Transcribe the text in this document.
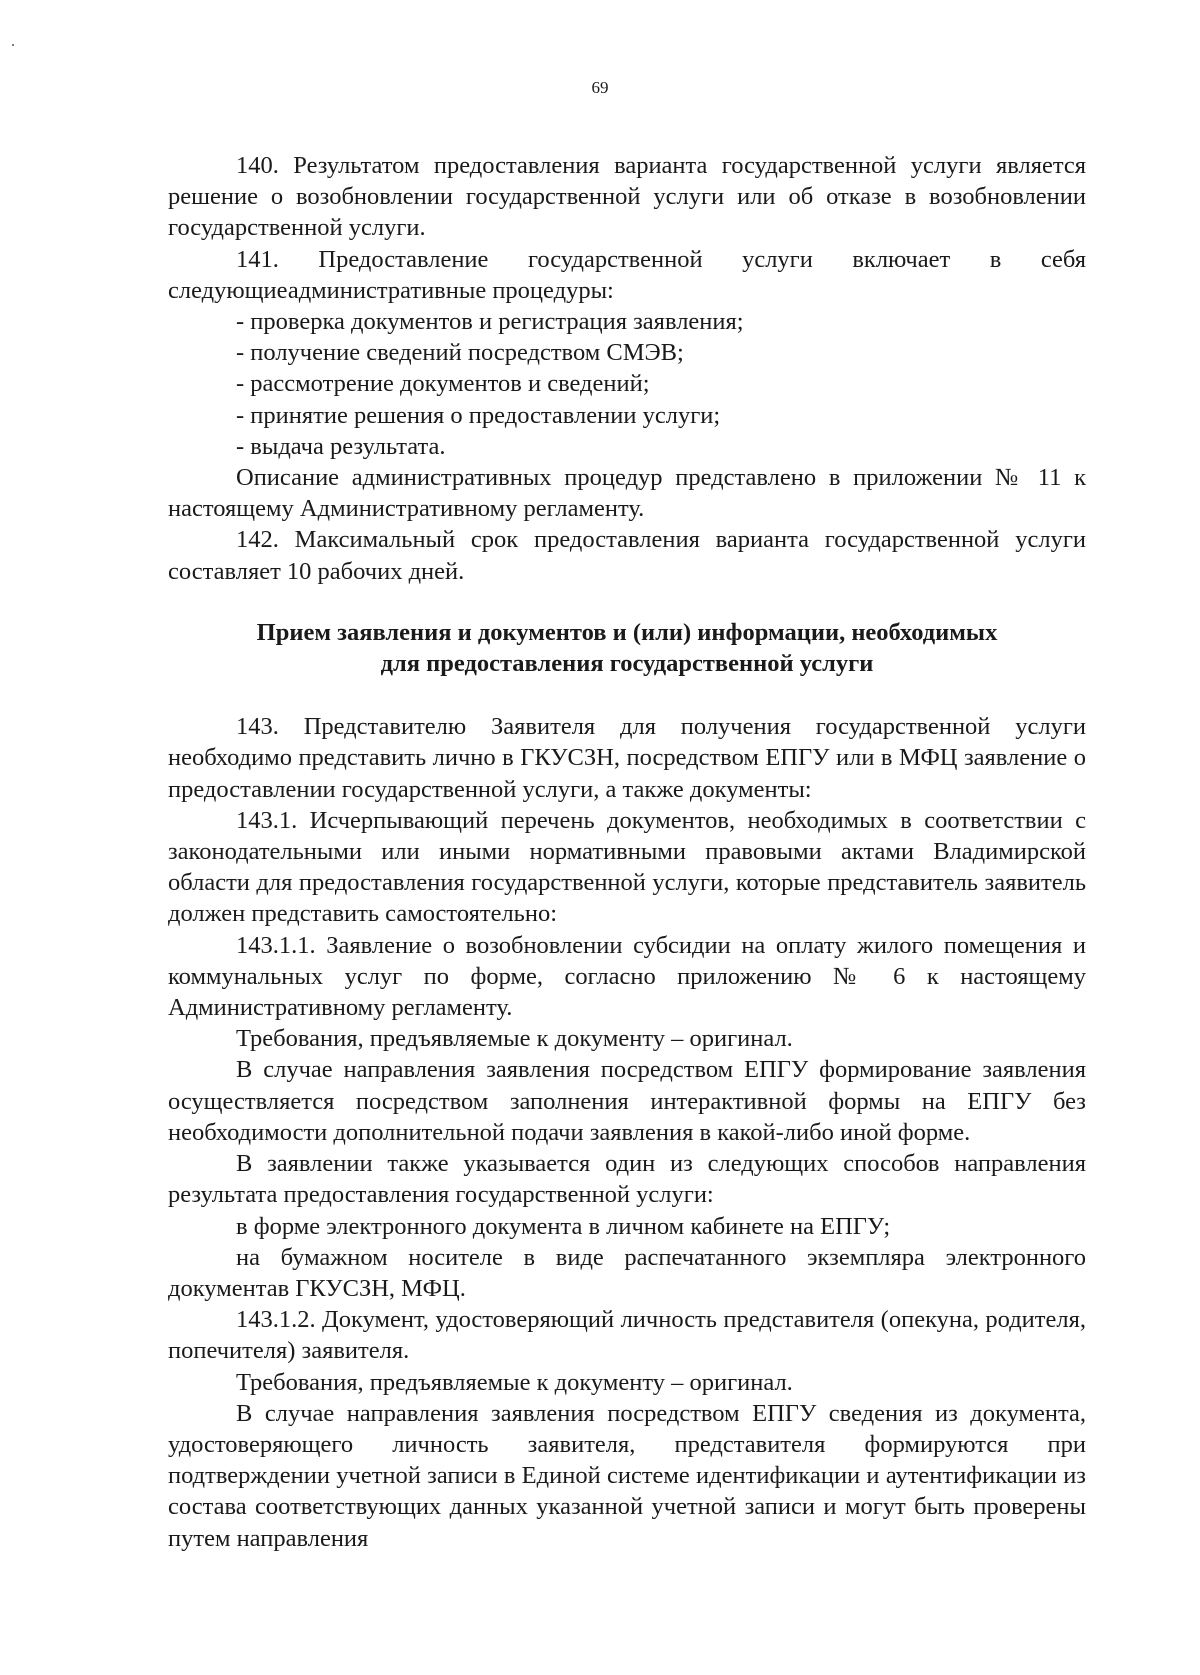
69

140. Результатом предоставления варианта государственной услуги является решение о возобновлении государственной услуги или об отказе в возобновлении государственной услуги.

141. Предоставление государственной услуги включает в себя следующиеадминистративные процедуры:

- проверка документов и регистрация заявления;

- получение сведений посредством СМЭВ;

- рассмотрение документов и сведений;

- принятие решения о предоставлении услуги;

- выдача результата.

Описание административных процедур представлено в приложении № 11 к настоящему Административному регламенту.

142. Максимальный срок предоставления варианта государственной услуги составляет 10 рабочих дней.

Прием заявления и документов и (или) информации, необходимых
для предоставления государственной услуги

143. Представителю Заявителя для получения государственной услуги необходимо представить лично в ГКУСЗН, посредством ЕПГУ или в МФЦ заявление о предоставлении государственной услуги, а также документы:

143.1. Исчерпывающий перечень документов, необходимых в соответствии с законодательными или иными нормативными правовыми актами Владимирской области для предоставления государственной услуги, которые представитель заявитель должен представить самостоятельно:

143.1.1. Заявление о возобновлении субсидии на оплату жилого помещения и коммунальных услуг по форме, согласно приложению № 6 к настоящему Административному регламенту.

Требования, предъявляемые к документу – оригинал.

В случае направления заявления посредством ЕПГУ формирование заявления осуществляется посредством заполнения интерактивной формы на ЕПГУ без необходимости дополнительной подачи заявления в какой-либо иной форме.

В заявлении также указывается один из следующих способов направления результата предоставления государственной услуги:

в форме электронного документа в личном кабинете на ЕПГУ;

на бумажном носителе в виде распечатанного экземпляра электронного документав ГКУСЗН, МФЦ.

143.1.2. Документ, удостоверяющий личность представителя (опекуна, родителя, попечителя) заявителя.

Требования, предъявляемые к документу – оригинал.

В случае направления заявления посредством ЕПГУ сведения из документа, удостоверяющего личность заявителя, представителя формируются при подтверждении учетной записи в Единой системе идентификации и аутентификации из состава соответствующих данных указанной учетной записи и могут быть проверены путем направления
